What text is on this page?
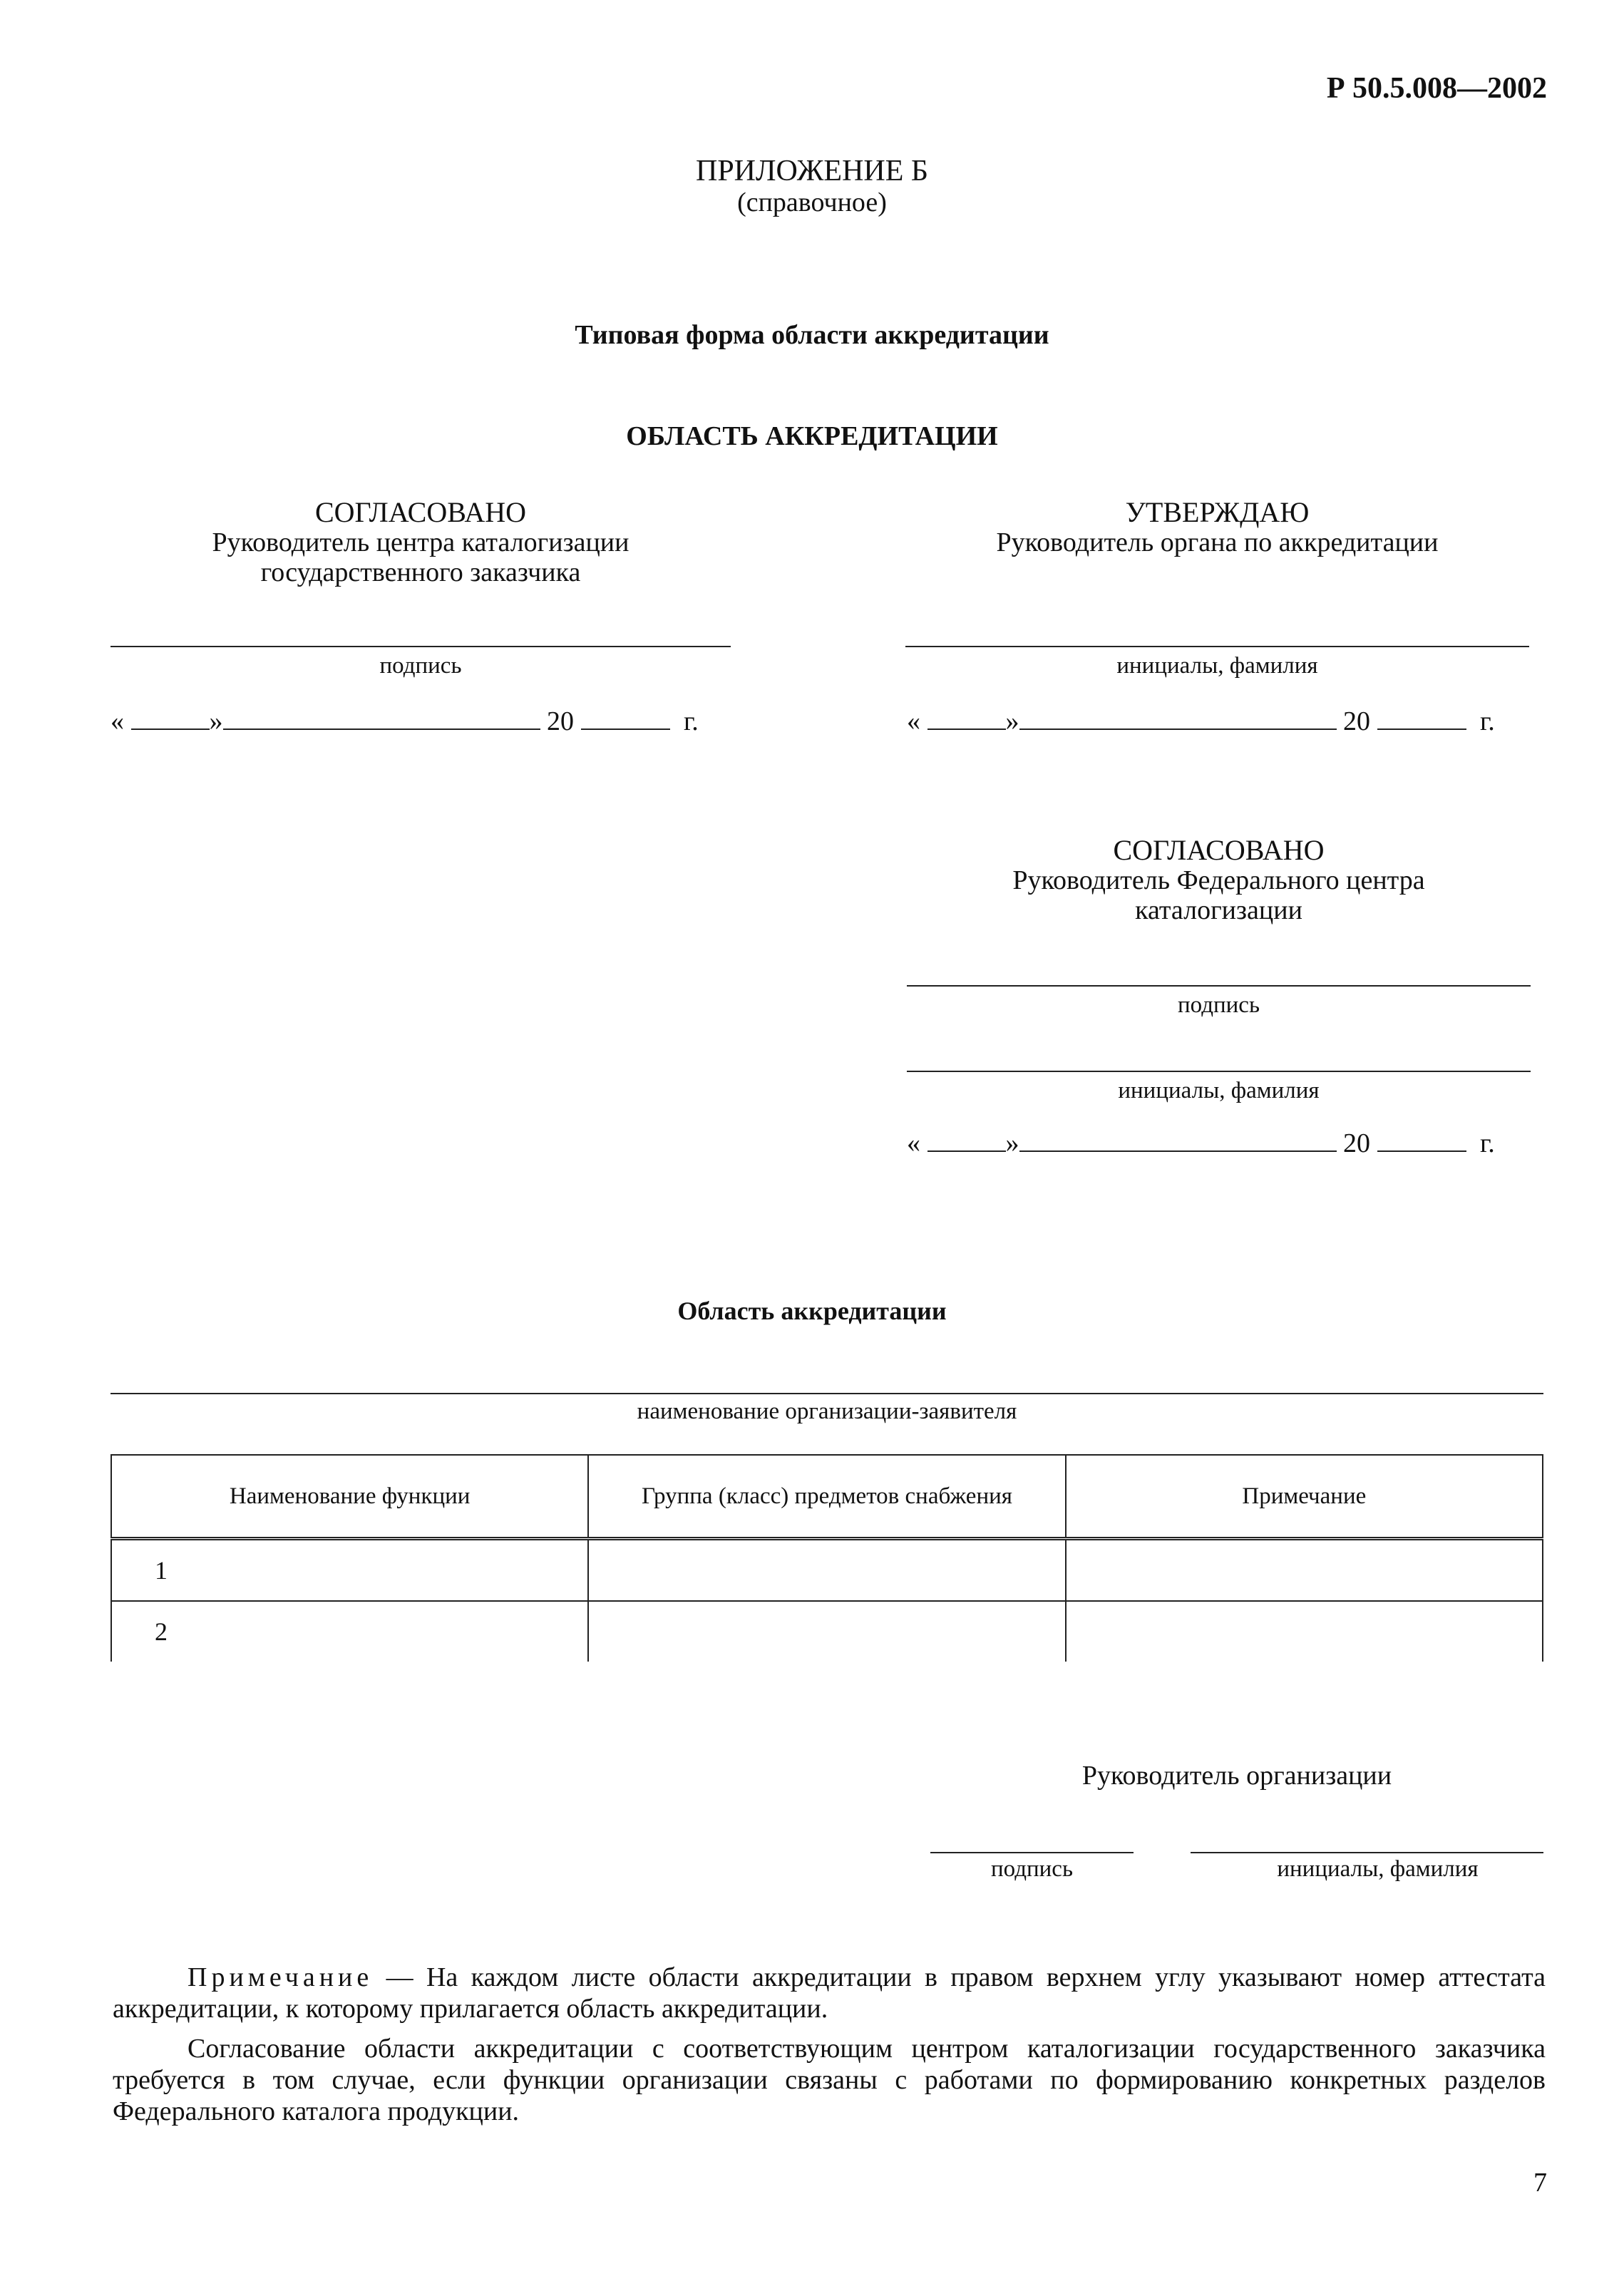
Р 50.5.008—2002
ПРИЛОЖЕНИЕ Б
(справочное)
Типовая форма области аккредитации
ОБЛАСТЬ АККРЕДИТАЦИИ
СОГЛАСОВАНО
Руководитель центра каталогизации
государственного заказчика
подпись
«	»	20	г.
УТВЕРЖДАЮ
Руководитель органа по аккредитации
инициалы, фамилия
«	»	20	г.
СОГЛАСОВАНО
Руководитель Федерального центра
каталогизации
подпись
инициалы, фамилия
«	»	20	г.
Область аккредитации
наименование организации-заявителя
Наименование функции	Группа (класс) предметов снабжения	Примечание
1		
2		
Руководитель организации
подпись	инициалы, фамилия
Примечание — На каждом листе области аккредитации в правом верхнем углу указывают номер аттестата аккредитации, к которому прилагается область аккредитации.
Согласование области аккредитации с соответствующим центром каталогизации государственного заказчика требуется в том случае, если функции организации связаны с работами по формированию конкретных разделов Федерального каталога продукции.
7
